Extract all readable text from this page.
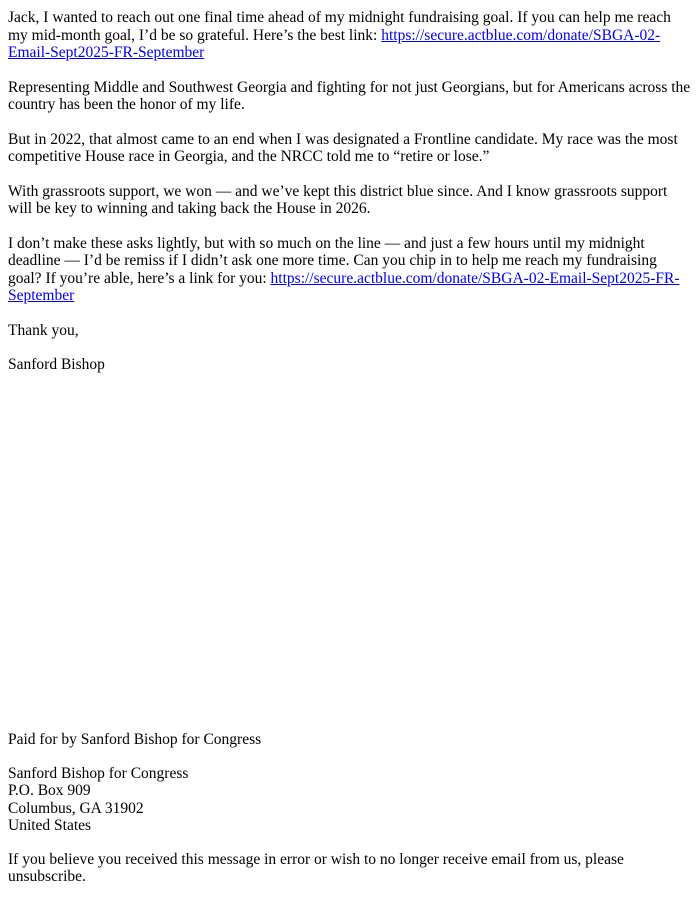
Jack, I wanted to reach out one final time ahead of my midnight fundraising goal. If you can help me reach my mid-month goal, I’d be so grateful. Here’s the best link: https://secure.actblue.com/donate/SBGA-02-Email-Sept2025-FR-September

Representing Middle and Southwest Georgia and fighting for not just Georgians, but for Americans across the country has been the honor of my life.

But in 2022, that almost came to an end when I was designated a Frontline candidate. My race was the most competitive House race in Georgia, and the NRCC told me to “retire or lose.”

With grassroots support, we won — and we’ve kept this district blue since. And I know grassroots support will be key to winning and taking back the House in 2026.

I don’t make these asks lightly, but with so much on the line — and just a few hours until my midnight deadline — I’d be remiss if I didn’t ask one more time. Can you chip in to help me reach my fundraising goal? If you’re able, here’s a link for you: https://secure.actblue.com/donate/SBGA-02-Email-Sept2025-FR-September

Thank you,

Sanford Bishop

Paid for by Sanford Bishop for Congress

Sanford Bishop for Congress
P.O. Box 909
Columbus, GA 31902
United States

If you believe you received this message in error or wish to no longer receive email from us, please unsubscribe.
